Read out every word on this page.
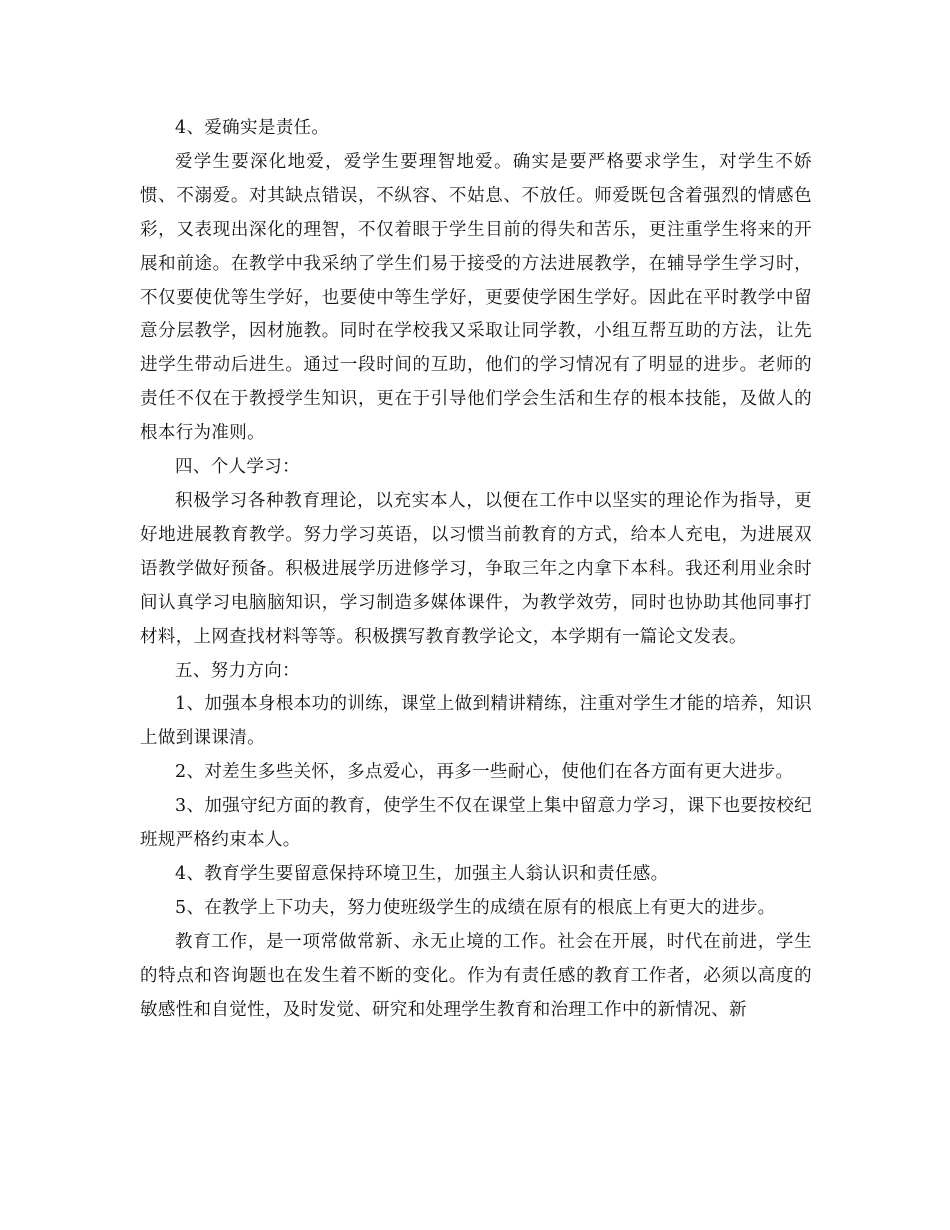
4、爱确实是责任。

爱学生要深化地爱，爱学生要理智地爱。确实是要严格要求学生，对学生不娇惯、不溺爱。对其缺点错误，不纵容、不姑息、不放任。师爱既包含着强烈的情感色彩，又表现出深化的理智，不仅着眼于学生目前的得失和苦乐，更注重学生将来的开展和前途。在教学中我采纳了学生们易于接受的方法进展教学，在辅导学生学习时，不仅要使优等生学好，也要使中等生学好，更要使学困生学好。因此在平时教学中留意分层教学，因材施教。同时在学校我又采取让同学教，小组互帮互助的方法，让先进学生带动后进生。通过一段时间的互助，他们的学习情况有了明显的进步。老师的责任不仅在于教授学生知识，更在于引导他们学会生活和生存的根本技能，及做人的根本行为准则。

四、个人学习：

积极学习各种教育理论，以充实本人，以便在工作中以坚实的理论作为指导，更好地进展教育教学。努力学习英语，以习惯当前教育的方式，给本人充电，为进展双语教学做好预备。积极进展学历进修学习，争取三年之内拿下本科。我还利用业余时间认真学习电脑脑知识，学习制造多媒体课件，为教学效劳，同时也协助其他同事打材料，上网查找材料等等。积极撰写教育教学论文，本学期有一篇论文发表。

五、努力方向：

1、加强本身根本功的训练，课堂上做到精讲精练，注重对学生才能的培养，知识上做到课课清。

2、对差生多些关怀，多点爱心，再多一些耐心，使他们在各方面有更大进步。

3、加强守纪方面的教育，使学生不仅在课堂上集中留意力学习，课下也要按校纪班规严格约束本人。

4、教育学生要留意保持环境卫生，加强主人翁认识和责任感。

5、在教学上下功夫，努力使班级学生的成绩在原有的根底上有更大的进步。

教育工作，是一项常做常新、永无止境的工作。社会在开展，时代在前进，学生的特点和咨询题也在发生着不断的变化。作为有责任感的教育工作者，必须以高度的敏感性和自觉性，及时发觉、研究和处理学生教育和治理工作中的新情况、新
